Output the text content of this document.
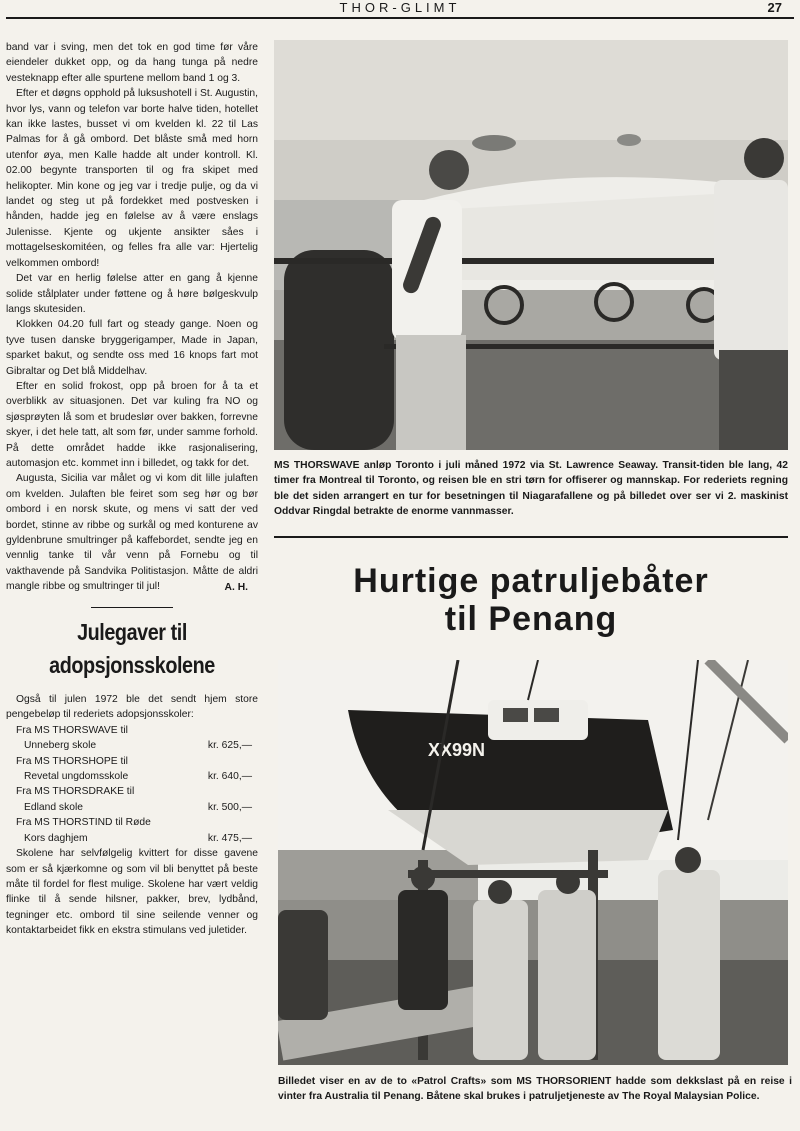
THOR-GLIMT	27

band var i sving, men det tok en god time før våre eiendeler dukket opp, og da hang tunga på nedre vesteknapp efter alle spurtene mellom band 1 og 3.

Efter et døgns opphold på luksushotell i St. Augustin, hvor lys, vann og telefon var borte halve tiden, hotellet kan ikke lastes, busset vi om kvelden kl. 22 til Las Palmas for å gå ombord. Det blåste små med horn utenfor øya, men Kalle hadde alt under kontroll. Kl. 02.00 begynte transporten til og fra skipet med helikopter. Min kone og jeg var i tredje pulje, og da vi landet og steg ut på fordekket med postvesken i hånden, hadde jeg en følelse av å være enslags Julenisse. Kjente og ukjente ansikter såes i mottagelseskomitéen, og felles fra alle var: Hjertelig velkommen ombord!

Det var en herlig følelse atter en gang å kjenne solide stålplater under føttene og å høre bølgeskvulp langs skutesiden.

Klokken 04.20 full fart og steady gange. Noen og tyve tusen danske bryggerigamper, Made in Japan, sparket bakut, og sendte oss med 16 knops fart mot Gibraltar og Det blå Middelhav.

Efter en solid frokost, opp på broen for å ta et overblikk av situasjonen. Det var kuling fra NO og sjøsprøyten lå som et brudeslør over bakken, forrevne skyer, i det hele tatt, alt som før, under samme forhold. På dette området hadde ikke rasjonalisering, automasjon etc. kommet inn i billedet, og takk for det.

Augusta, Sicilia var målet og vi kom dit lille julaften om kvelden. Julaften ble feiret som seg hør og bør ombord i en norsk skute, og mens vi satt der ved bordet, stinne av ribbe og surkål og med konturene av gyldenbrune smultringer på kaffebordet, sendte jeg en vennlig tanke til vår venn på Fornebu og til vakthavende på Sandvika Politistasjon. Måtte de aldri mangle ribbe og smultringer til jul!	A. H.
Julegaver til
adopsjonsskolene

Også til julen 1972 ble det sendt hjem store pengebeløp til rederiets adopsjonsskoler:

Fra MS THORSWAVE til
Unneberg skole	kr. 625,—
Fra MS THORSHOPE til
Revetal ungdomsskole	kr. 640,—
Fra MS THORSDRAKE til
Edland skole	kr. 500,—
Fra MS THORSTIND til Røde
Kors daghjem	kr. 475,—

Skolene har selvfølgelig kvittert for disse gavene som er så kjærkomne og som vil bli benyttet på beste måte til fordel for flest mulige. Skolene har vært veldig flinke til å sende hilsner, pakker, brev, lydbånd, tegninger etc. ombord til sine seilende venner og kontaktarbeidet fikk en ekstra stimulans ved juletider.

MS THORSWAVE anløp Toronto i juli måned 1972 via St. Lawrence Seaway. Transit-tiden ble lang, 42 timer fra Montreal til Toronto, og reisen ble en stri tørn for offiserer og mannskap. For rederiets regning ble det siden arrangert en tur for besetningen til Niagarafallene og på billedet over ser vi 2. maskinist Oddvar Ringdal betrakte de enorme vannmasser.
Hurtige patruljebåter
til Penang
XX99N
Billedet viser en av de to «Patrol Crafts» som MS THORSORIENT hadde som dekkslast på en reise i vinter fra Australia til Penang. Båtene skal brukes i patruljetjeneste av The Royal Malaysian Police.
